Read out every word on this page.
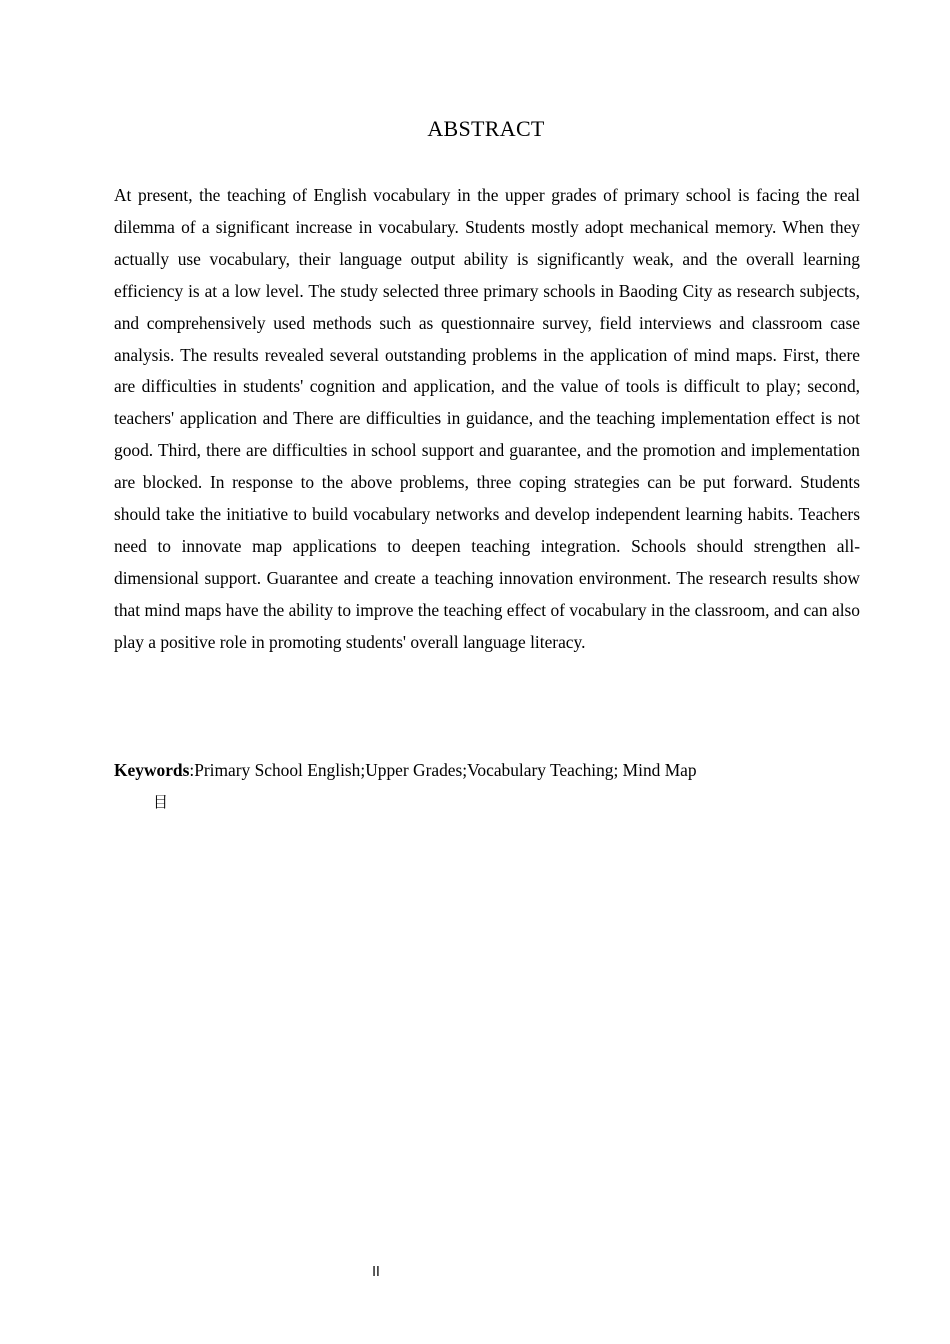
ABSTRACT

At present, the teaching of English vocabulary in the upper grades of primary school is facing the real dilemma of a significant increase in vocabulary. Students mostly adopt mechanical memory. When they actually use vocabulary, their language output ability is significantly weak, and the overall learning efficiency is at a low level. The study selected three primary schools in Baoding City as research subjects, and comprehensively used methods such as questionnaire survey, field interviews and classroom case analysis. The results revealed several outstanding problems in the application of mind maps. First, there are difficulties in students' cognition and application, and the value of tools is difficult to play; second, teachers' application and There are difficulties in guidance, and the teaching implementation effect is not good. Third, there are difficulties in school support and guarantee, and the promotion and implementation are blocked. In response to the above problems, three coping strategies can be put forward. Students should take the initiative to build vocabulary networks and develop independent learning habits. Teachers need to innovate map applications to deepen teaching integration. Schools should strengthen all-dimensional support. Guarantee and create a teaching innovation environment. The research results show that mind maps have the ability to improve the teaching effect of vocabulary in the classroom, and can also play a positive role in promoting students' overall language literacy.

Keywords:Primary School English;Upper Grades;Vocabulary Teaching; Mind Map
目
II
